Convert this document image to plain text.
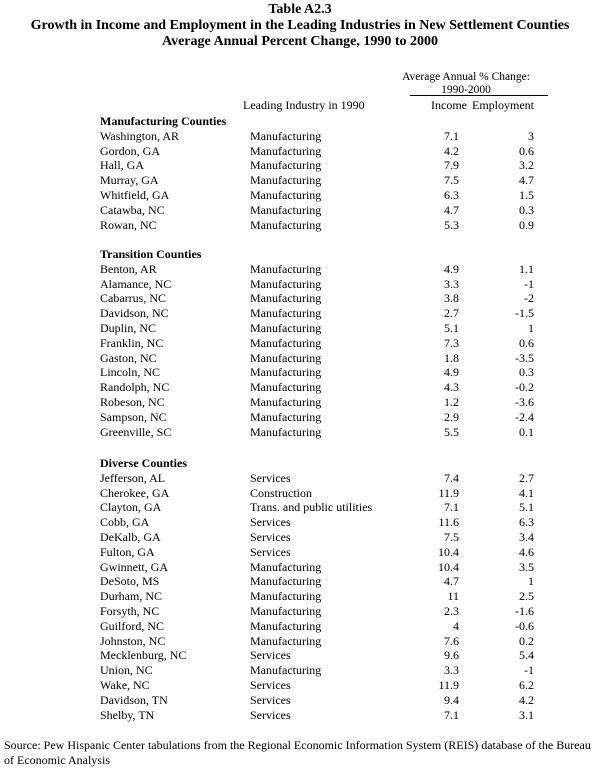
Table A2.3
Growth in Income and Employment in the Leading Industries in New Settlement Counties
Average Annual Percent Change, 1990 to 2000
Average Annual % Change:
1990-2000
Leading Industry in 1990	Income Employment
Manufacturing Counties
Washington, AR	Manufacturing	7.1	3
Gordon, GA	Manufacturing	4.2	0.6
Hall, GA	Manufacturing	7.9	3.2
Murray, GA	Manufacturing	7.5	4.7
Whitfield, GA	Manufacturing	6.3	1.5
Catawba, NC	Manufacturing	4.7	0.3
Rowan, NC	Manufacturing	5.3	0.9
Transition Counties
Benton, AR	Manufacturing	4.9	1.1
Alamance, NC	Manufacturing	3.3	-1
Cabarrus, NC	Manufacturing	3.8	-2
Davidson, NC	Manufacturing	2.7	-1.5
Duplin, NC	Manufacturing	5.1	1
Franklin, NC	Manufacturing	7.3	0.6
Gaston, NC	Manufacturing	1.8	-3.5
Lincoln, NC	Manufacturing	4.9	0.3
Randolph, NC	Manufacturing	4.3	-0.2
Robeson, NC	Manufacturing	1.2	-3.6
Sampson, NC	Manufacturing	2.9	-2.4
Greenville, SC	Manufacturing	5.5	0.1
Diverse Counties
Jefferson, AL	Services	7.4	2.7
Cherokee, GA	Construction	11.9	4.1
Clayton, GA	Trans. and public utilities	7.1	5.1
Cobb, GA	Services	11.6	6.3
DeKalb, GA	Services	7.5	3.4
Fulton, GA	Services	10.4	4.6
Gwinnett, GA	Manufacturing	10.4	3.5
DeSoto, MS	Manufacturing	4.7	1
Durham, NC	Manufacturing	11	2.5
Forsyth, NC	Manufacturing	2.3	-1.6
Guilford, NC	Manufacturing	4	-0.6
Johnston, NC	Manufacturing	7.6	0.2
Mecklenburg, NC	Services	9.6	5.4
Union, NC	Manufacturing	3.3	-1
Wake, NC	Services	11.9	6.2
Davidson, TN	Services	9.4	4.2
Shelby, TN	Services	7.1	3.1
Source: Pew Hispanic Center tabulations from the Regional Economic Information System (REIS) database of the Bureau of Economic Analysis
